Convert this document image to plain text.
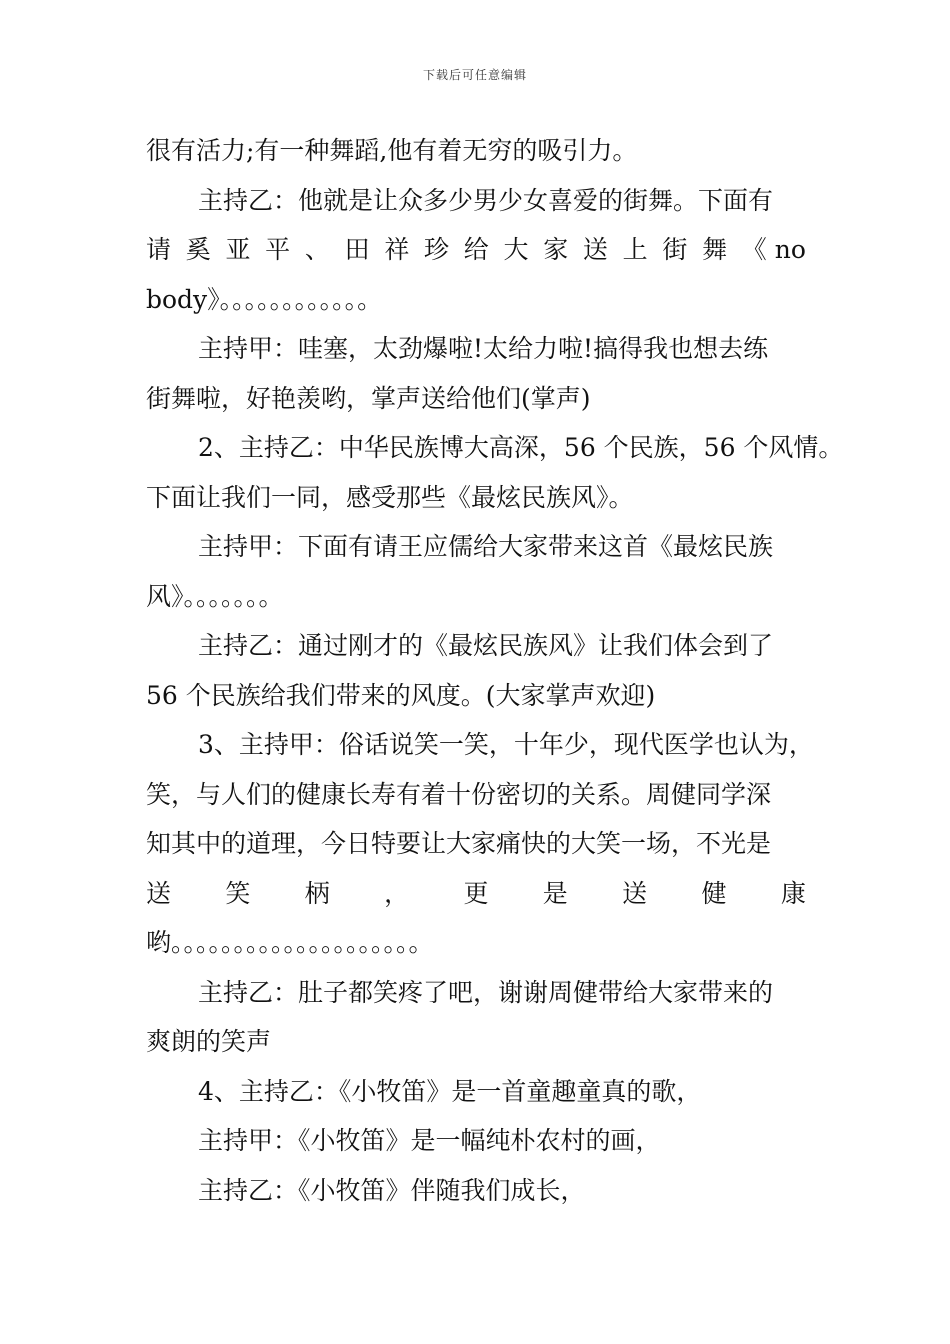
下载后可任意编辑
很有活力;有一种舞蹈,他有着无穷的吸引力。
主持乙：他就是让众多少男少女喜爱的街舞。下面有
请 奚 亚 平 、 田 祥 珍 给 大 家 送 上 街 舞 《 no
body》。。。。。。。。。。。。
主持甲：哇塞，太劲爆啦!太给力啦!搞得我也想去练
街舞啦，好艳羡哟，掌声送给他们(掌声)
2、主持乙：中华民族博大高深，56 个民族，56 个风情。
下面让我们一同，感受那些《最炫民族风》。
主持甲：下面有请王应儒给大家带来这首《最炫民族
风》。。。。。。。
主持乙：通过刚才的《最炫民族风》让我们体会到了
56 个民族给我们带来的风度。(大家掌声欢迎)
3、主持甲：俗话说笑一笑，十年少，现代医学也认为，
笑，与人们的健康长寿有着十份密切的关系。周健同学深
知其中的道理，今日特要让大家痛快的大笑一场，不光是
送 笑 柄 ， 更 是 送 健 康
哟。。。。。。。。。。。。。。。。。。。。
主持乙：肚子都笑疼了吧，谢谢周健带给大家带来的
爽朗的笑声
4、主持乙：《小牧笛》是一首童趣童真的歌，
主持甲：《小牧笛》是一幅纯朴农村的画，
主持乙：《小牧笛》伴随我们成长，
